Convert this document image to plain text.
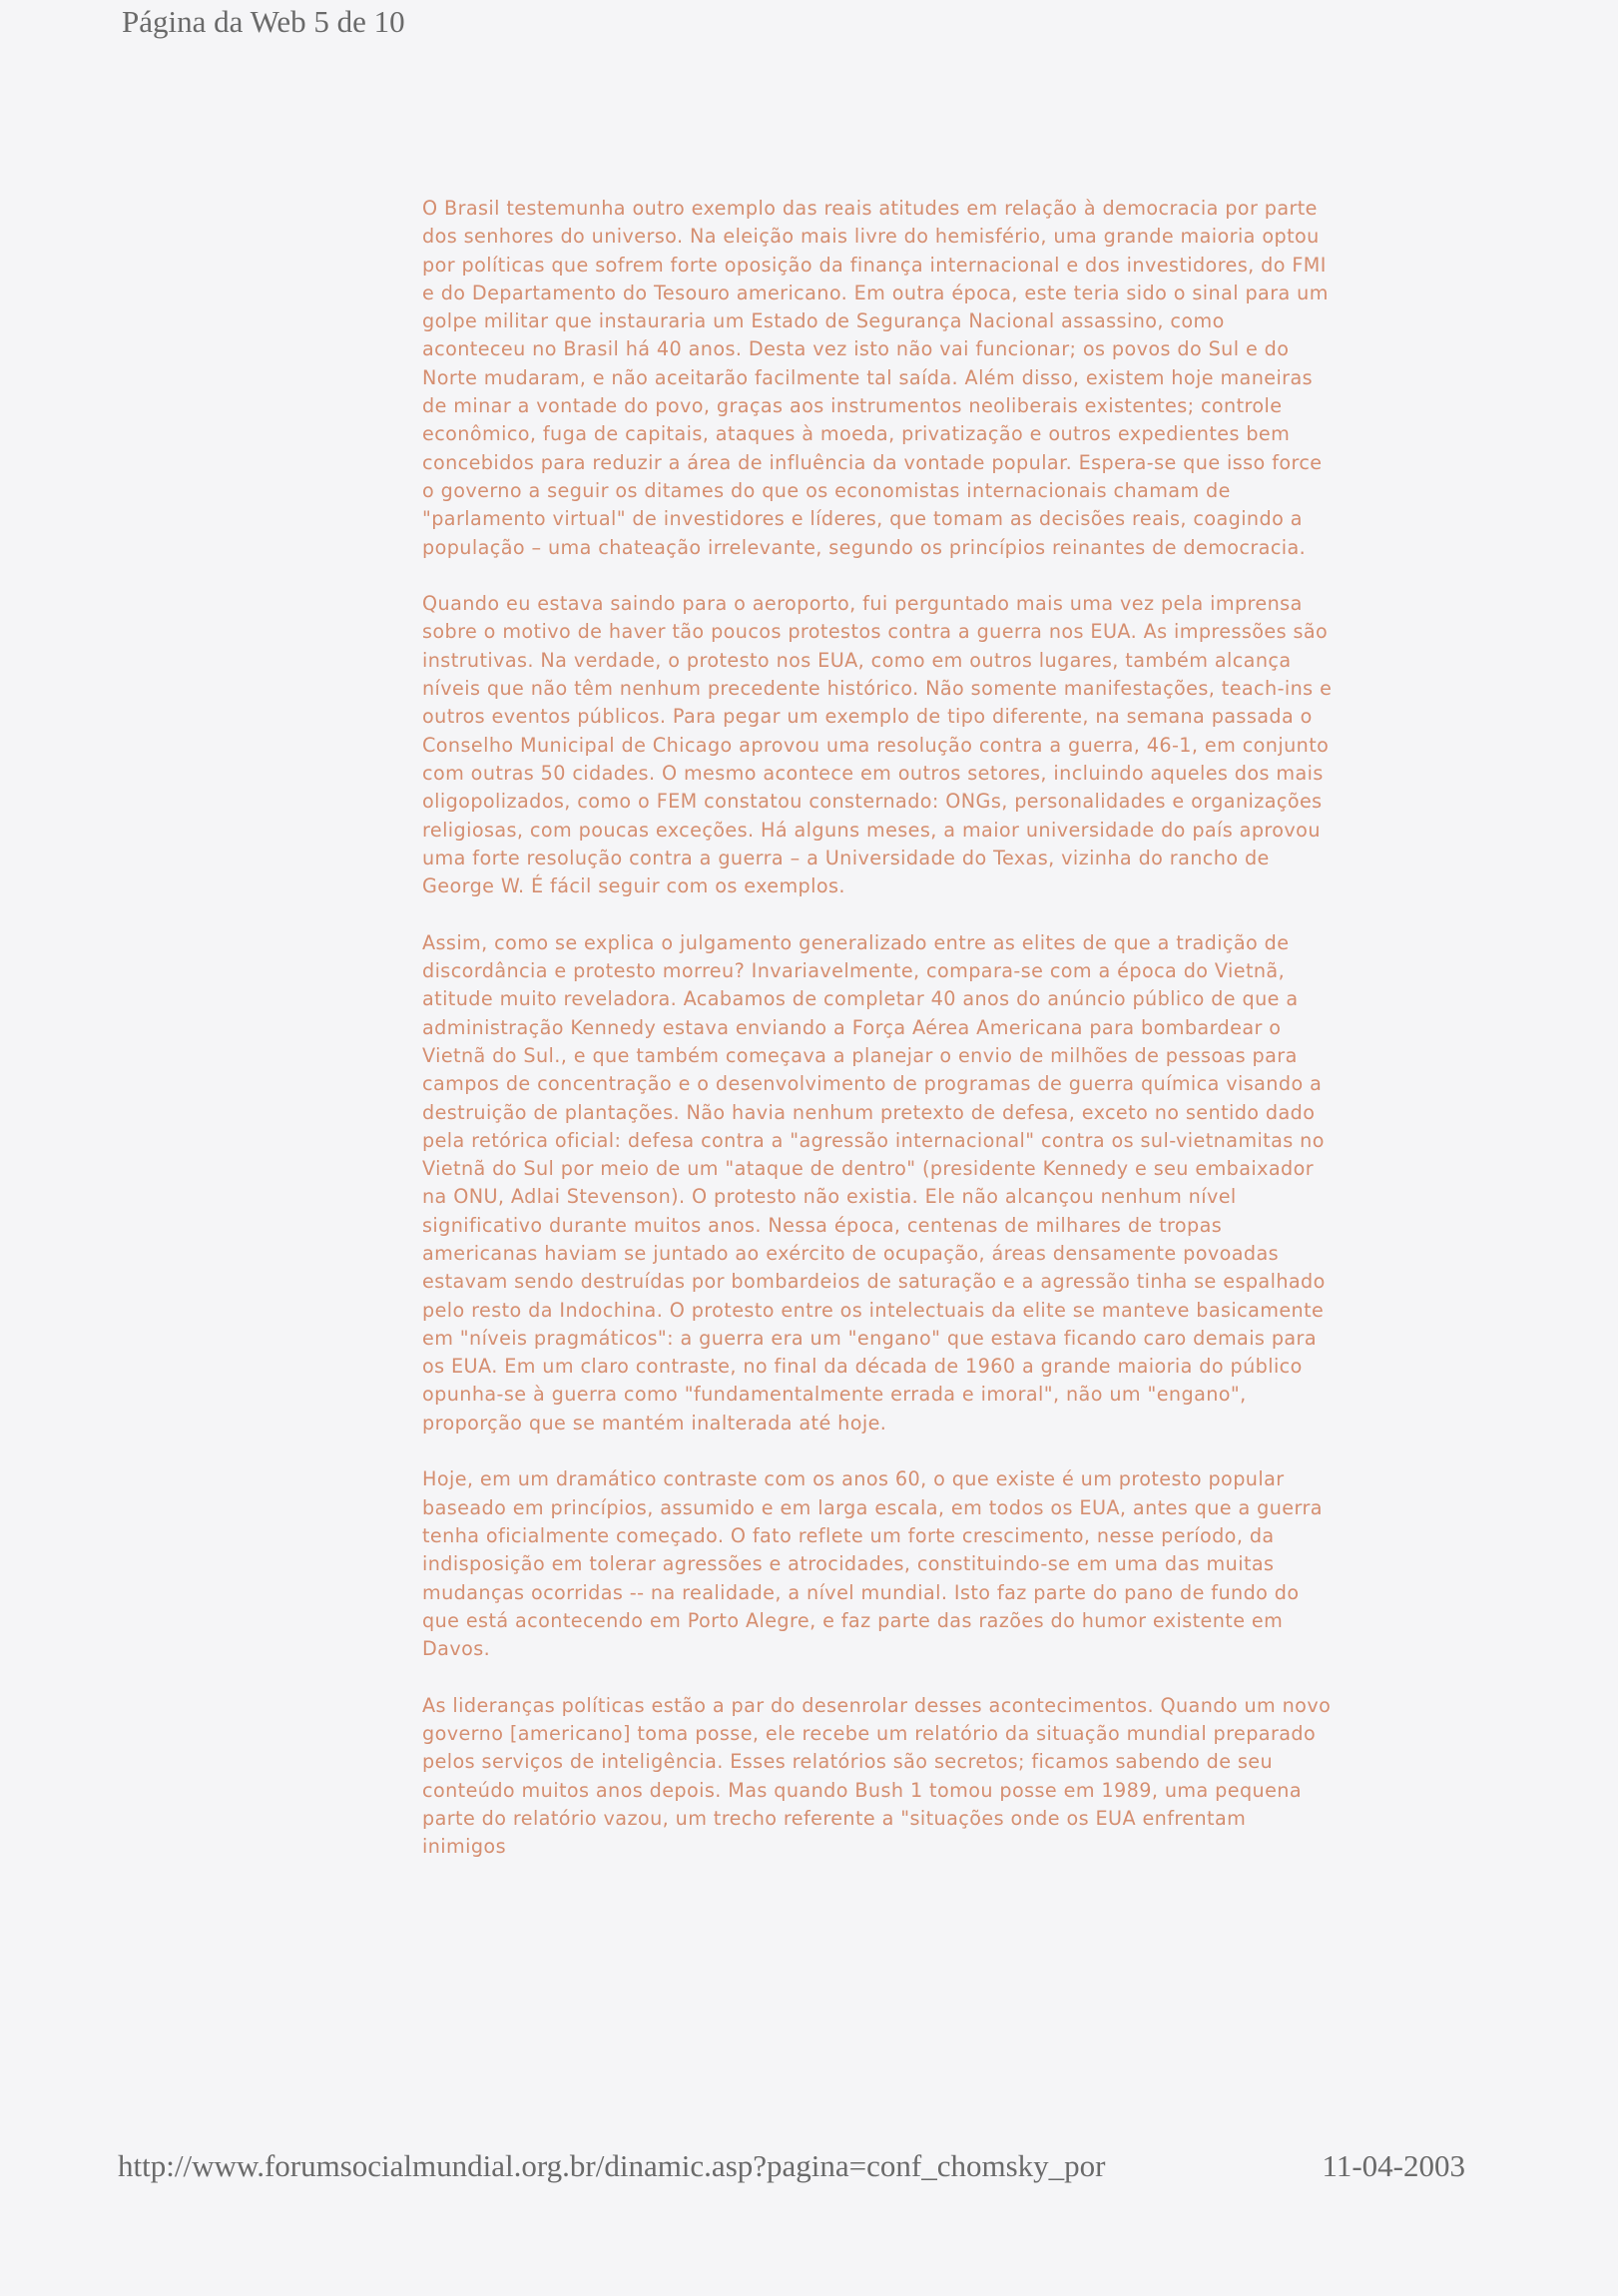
Página da Web 5 de 10

O Brasil testemunha outro exemplo das reais atitudes em relação à democracia por parte dos senhores do universo. Na eleição mais livre do hemisfério, uma grande maioria optou por políticas que sofrem forte oposição da finança internacional e dos investidores, do FMI e do Departamento do Tesouro americano. Em outra época, este teria sido o sinal para um golpe militar que instauraria um Estado de Segurança Nacional assassino, como aconteceu no Brasil há 40 anos. Desta vez isto não vai funcionar; os povos do Sul e do Norte mudaram, e não aceitarão facilmente tal saída. Além disso, existem hoje maneiras de minar a vontade do povo, graças aos instrumentos neoliberais existentes; controle econômico, fuga de capitais, ataques à moeda, privatização e outros expedientes bem concebidos para reduzir a área de influência da vontade popular. Espera-se que isso force o governo a seguir os ditames do que os economistas internacionais chamam de "parlamento virtual" de investidores e líderes, que tomam as decisões reais, coagindo a população – uma chateação irrelevante, segundo os princípios reinantes de democracia.

Quando eu estava saindo para o aeroporto, fui perguntado mais uma vez pela imprensa sobre o motivo de haver tão poucos protestos contra a guerra nos EUA. As impressões são instrutivas. Na verdade, o protesto nos EUA, como em outros lugares, também alcança níveis que não têm nenhum precedente histórico. Não somente manifestações, teach-ins e outros eventos públicos. Para pegar um exemplo de tipo diferente, na semana passada o Conselho Municipal de Chicago aprovou uma resolução contra a guerra, 46-1, em conjunto com outras 50 cidades. O mesmo acontece em outros setores, incluindo aqueles dos mais oligopolizados, como o FEM constatou consternado: ONGs, personalidades e organizações religiosas, com poucas exceções. Há alguns meses, a maior universidade do país aprovou uma forte resolução contra a guerra – a Universidade do Texas, vizinha do rancho de George W. É fácil seguir com os exemplos.

Assim, como se explica o julgamento generalizado entre as elites de que a tradição de discordância e protesto morreu? Invariavelmente, compara-se com a época do Vietnã, atitude muito reveladora. Acabamos de completar 40 anos do anúncio público de que a administração Kennedy estava enviando a Força Aérea Americana para bombardear o Vietnã do Sul., e que também começava a planejar o envio de milhões de pessoas para campos de concentração e o desenvolvimento de programas de guerra química visando a destruição de plantações. Não havia nenhum pretexto de defesa, exceto no sentido dado pela retórica oficial: defesa contra a "agressão internacional" contra os sul-vietnamitas no Vietnã do Sul por meio de um "ataque de dentro" (presidente Kennedy e seu embaixador na ONU, Adlai Stevenson). O protesto não existia. Ele não alcançou nenhum nível significativo durante muitos anos. Nessa época, centenas de milhares de tropas americanas haviam se juntado ao exército de ocupação, áreas densamente povoadas estavam sendo destruídas por bombardeios de saturação e a agressão tinha se espalhado pelo resto da Indochina. O protesto entre os intelectuais da elite se manteve basicamente em "níveis pragmáticos": a guerra era um "engano" que estava ficando caro demais para os EUA. Em um claro contraste, no final da década de 1960 a grande maioria do público opunha-se à guerra como "fundamentalmente errada e imoral", não um "engano", proporção que se mantém inalterada até hoje.

Hoje, em um dramático contraste com os anos 60, o que existe é um protesto popular baseado em princípios, assumido e em larga escala, em todos os EUA, antes que a guerra tenha oficialmente começado. O fato reflete um forte crescimento, nesse período, da indisposição em tolerar agressões e atrocidades, constituindo-se em uma das muitas mudanças ocorridas -- na realidade, a nível mundial. Isto faz parte do pano de fundo do que está acontecendo em Porto Alegre, e faz parte das razões do humor existente em Davos.

As lideranças políticas estão a par do desenrolar desses acontecimentos. Quando um novo governo [americano] toma posse, ele recebe um relatório da situação mundial preparado pelos serviços de inteligência. Esses relatórios são secretos; ficamos sabendo de seu conteúdo muitos anos depois. Mas quando Bush 1 tomou posse em 1989, uma pequena parte do relatório vazou, um trecho referente a "situações onde os EUA enfrentam inimigos

http://www.forumsocialmundial.org.br/dinamic.asp?pagina=conf_chomsky_por	11-04-2003
